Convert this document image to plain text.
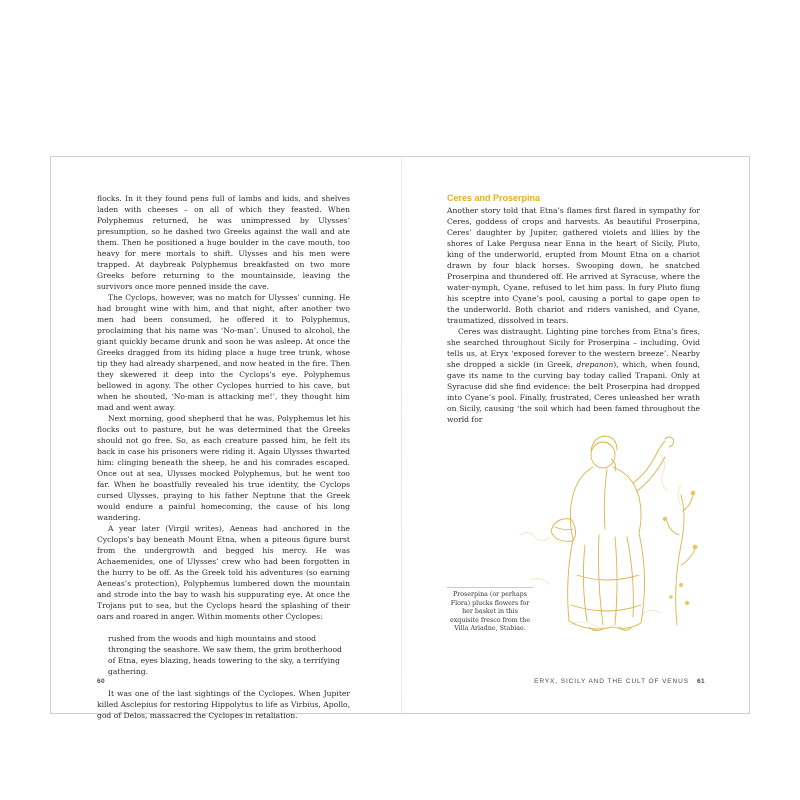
flocks. In it they found pens full of lambs and kids, and shelves laden with cheeses – on all of which they feasted. When Polyphemus returned, he was unimpressed by Ulysses’ presumption, so he dashed two Greeks against the wall and ate them. Then he positioned a huge boulder in the cave mouth, too heavy for mere mortals to shift. Ulysses and his men were trapped. At daybreak Polyphemus breakfasted on two more Greeks before returning to the mountainside, leaving the survivors once more penned inside the cave.

The Cyclops, however, was no match for Ulysses’ cunning. He had brought wine with him, and that night, after another two men had been consumed, he offered it to Polyphemus, proclaiming that his name was ‘No-man’. Unused to alcohol, the giant quickly became drunk and soon he was asleep. At once the Greeks dragged from its hiding place a huge tree trunk, whose tip they had already sharpened, and now heated in the fire. Then they skewered it deep into the Cyclops’s eye. Polyphemus bellowed in agony. The other Cyclopes hurried to his cave, but when he shouted, ‘No-man is attacking me!’, they thought him mad and went away.

Next morning, good shepherd that he was, Polyphemus let his flocks out to pasture, but he was determined that the Greeks should not go free. So, as each creature passed him, he felt its back in case his prisoners were riding it. Again Ulysses thwarted him: clinging beneath the sheep, he and his comrades escaped. Once out at sea, Ulysses mocked Polyphemus, but he went too far. When he boastfully revealed his true identity, the Cyclops cursed Ulysses, praying to his father Neptune that the Greek would endure a painful homecoming, the cause of his long wandering.

A year later (Virgil writes), Aeneas had anchored in the Cyclops’s bay beneath Mount Etna, when a piteous figure burst from the undergrowth and begged his mercy. He was Achaemenides, one of Ulysses’ crew who had been forgotten in the hurry to be off. As the Greek told his adventures (so earning Aeneas’s protection), Polyphemus lumbered down the mountain and strode into the bay to wash his suppurating eye. At once the Trojans put to sea, but the Cyclops heard the splashing of their oars and roared in anger. Within moments other Cyclopes:

rushed from the woods and high mountains and stood thronging the seashore. We saw them, the grim brotherhood of Etna, eyes blazing, heads towering to the sky, a terrifying gathering.

It was one of the last sightings of the Cyclopes. When Jupiter killed Asclepius for restoring Hippolytus to life as Virbius, Apollo, god of Delos, massacred the Cyclopes in retaliation.

60
Ceres and Proserpina

Another story told that Etna’s flames first flared in sympathy for Ceres, goddess of crops and harvests. As beautiful Proserpina, Ceres’ daughter by Jupiter, gathered violets and lilies by the shores of Lake Pergusa near Enna in the heart of Sicily, Pluto, king of the underworld, erupted from Mount Etna on a chariot drawn by four black horses. Swooping down, he snatched Proserpina and thundered off. He arrived at Syracuse, where the water-nymph, Cyane, refused to let him pass. In fury Pluto flung his sceptre into Cyane’s pool, causing a portal to gape open to the underworld. Both chariot and riders vanished, and Cyane, traumatized, dissolved in tears.

Ceres was distraught. Lighting pine torches from Etna’s fires, she searched throughout Sicily for Proserpina – including, Ovid tells us, at Eryx ‘exposed forever to the western breeze’. Nearby she dropped a sickle (in Greek, drepanon), which, when found, gave its name to the curving bay today called Trapani. Only at Syracuse did she find evidence: the belt Proserpina had dropped into Cyane’s pool. Finally, frustrated, Ceres unleashed her wrath on Sicily, causing ‘the soil which had been famed throughout the world for

Proserpina (or perhaps Flora) plucks flowers for her basket in this exquisite fresco from the Villa Ariadne, Stabiae.
ERYX, SICILY AND THE CULT OF VENUS 61
